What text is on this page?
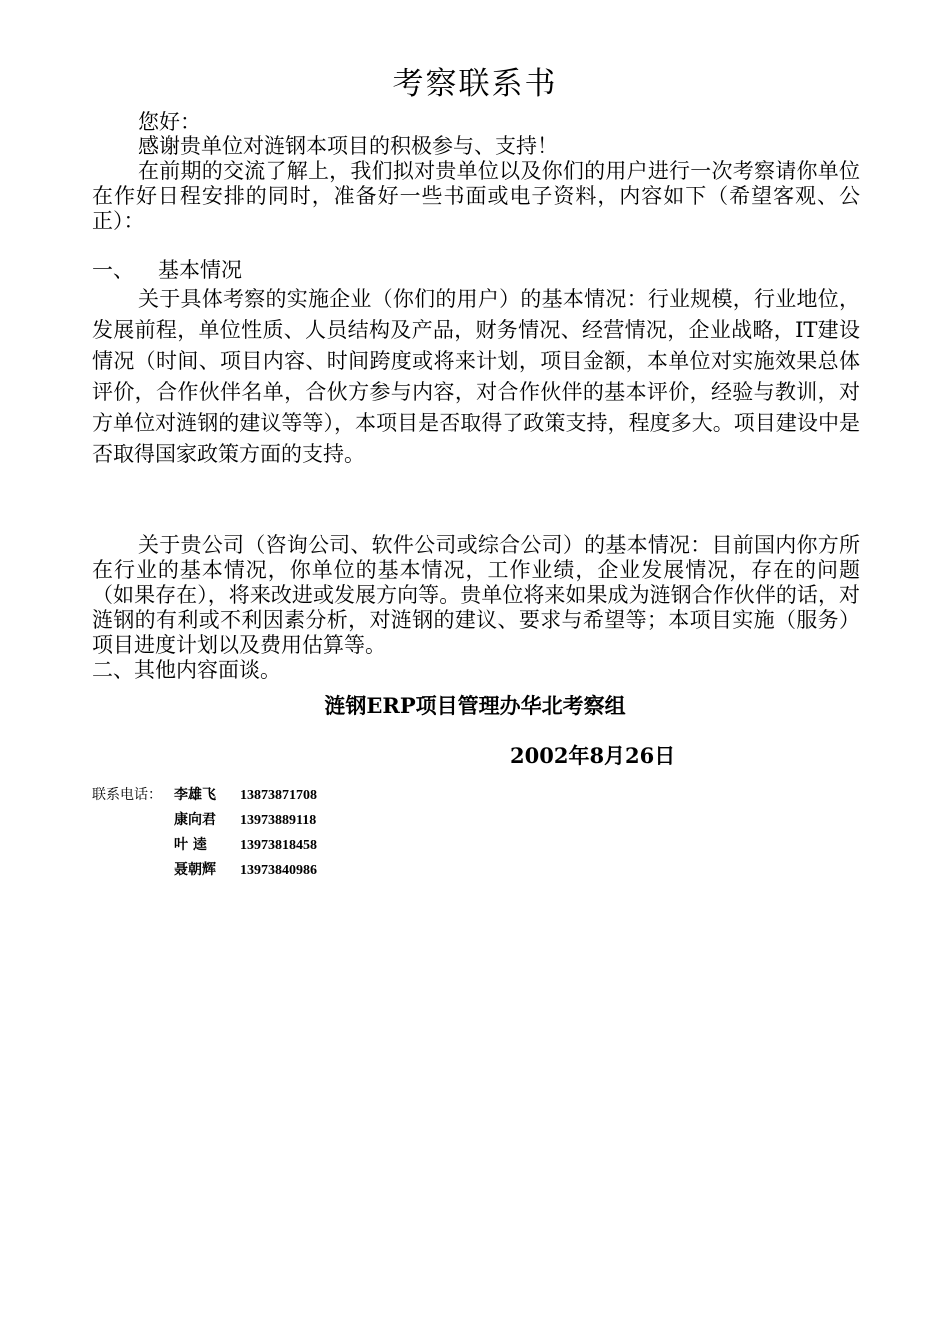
考察联系书
您好：
感谢贵单位对涟钢本项目的积极参与、支持！
在前期的交流了解上，我们拟对贵单位以及你们的用户进行一次考察请你单位在作好日程安排的同时，准备好一些书面或电子资料，内容如下（希望客观、公正）：
一、 基本情况
关于具体考察的实施企业（你们的用户）的基本情况：行业规模，行业地位，发展前程，单位性质、人员结构及产品，财务情况、经营情况，企业战略，IT建设情况（时间、项目内容、时间跨度或将来计划，项目金额，本单位对实施效果总体评价，合作伙伴名单，合伙方参与内容，对合作伙伴的基本评价，经验与教训，对方单位对涟钢的建议等等），本项目是否取得了政策支持，程度多大。项目建设中是否取得国家政策方面的支持。
关于贵公司（咨询公司、软件公司或综合公司）的基本情况：目前国内你方所在行业的基本情况，你单位的基本情况，工作业绩，企业发展情况，存在的问题（如果存在），将来改进或发展方向等。贵单位将来如果成为涟钢合作伙伴的话，对涟钢的有利或不利因素分析，对涟钢的建议、要求与希望等；本项目实施（服务）项目进度计划以及费用估算等。
二、其他内容面谈。
涟钢ERP项目管理办华北考察组
2002年8月26日
联系电话： 李雄飞 13873871708
康向君 13973889118
叶 逵 13973818458
聂朝辉 13973840986
